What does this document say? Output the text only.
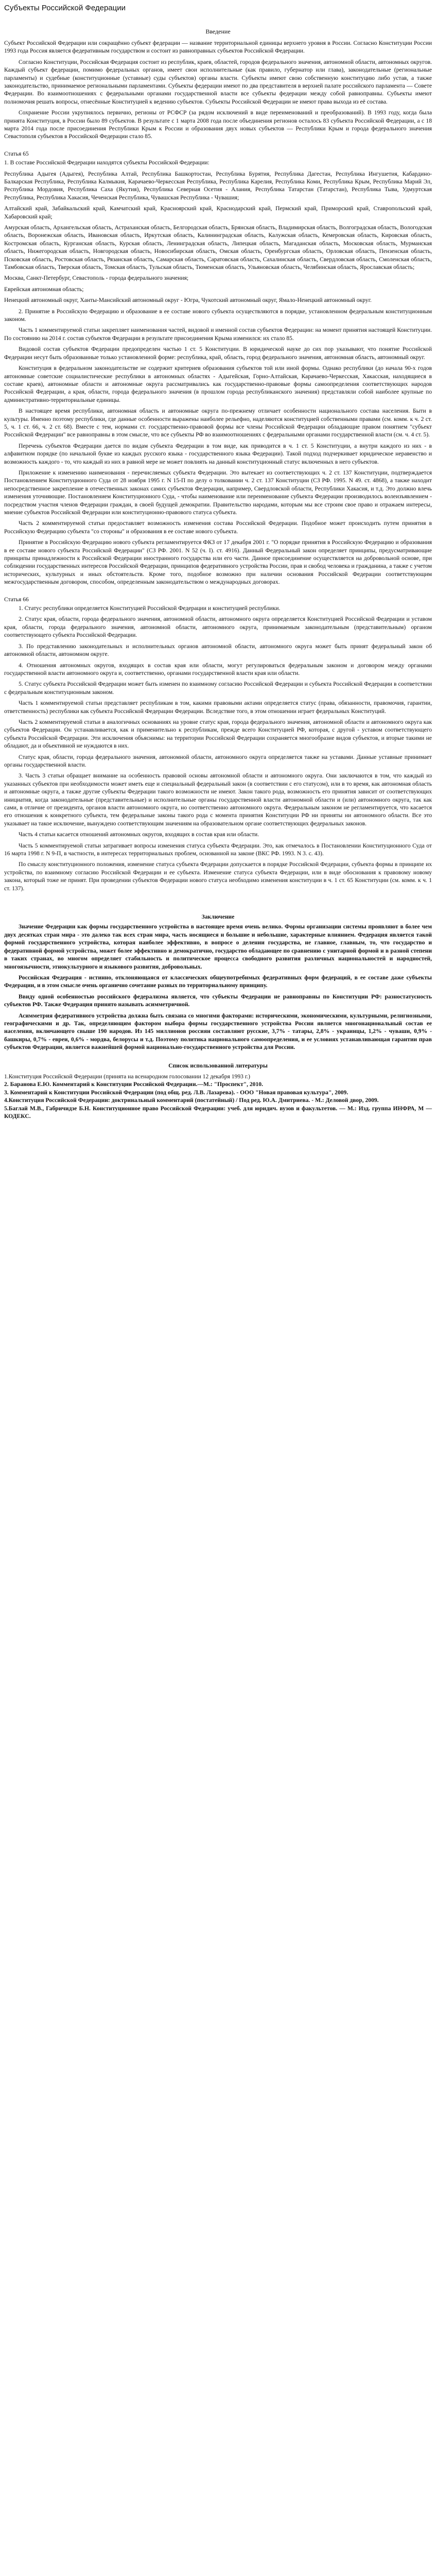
Субъекты Российской Федерации
Введение

Субъект Российской Федерации или сокращённо субъект федерации — название территориальной единицы верхнего уровня в России. Согласно Конституции России 1993 года Россия является федеративным государством и состоит из равноправных субъектов Российской Федерации.

Согласно Конституции, Российская Федерация состоит из республик, краев, областей, городов федерального значения, автономной области, автономных округов. Каждый субъект федерации, помимо федеральных органов, имеет свои исполнительные (как правило, губернатор или глава), законодательные (региональные парламенты) и судебные (конституционные (уставные) суды субъектов) органы власти. Субъекты имеют свою собственную конституцию либо устав, а также законодательство, принимаемое региональными парламентами. Субъекты федерации имеют по два представителя в верхней палате российского парламента — Совете Федерации. Во взаимоотношениях с федеральными органами государственной власти все субъекты федерации между собой равноправны. Субъекты имеют полномочия решать вопросы, отнесённые Конституцией к ведению субъектов. Субъекты Российской Федерации не имеют права выхода из её состава.

Сохранение России укрупнялось первично, регионы от РСФСР (за рядом исключений в виде переименований и преобразований). В 1993 году, когда была принята Конституция, в России было 89 субъектов. В результате с 1 марта 2008 года после объединения регионов осталось 83 субъекта Российской Федерации, а с 18 марта 2014 года после присоединения Республики Крым к России и образования двух новых субъектов — Республики Крым и города федерального значения Севастополя субъектов в Российской Федерации стало 85.

Статья 65

1. В составе Российской Федерации находятся субъекты Российской Федерации:

Республика Адыгея (Адыгея), Республика Алтай, Республика Башкортостан, Республика Бурятия, Республика Дагестан, Республика Ингушетия, Кабардино-Балкарская Республика, Республика Калмыкия, Карачаево-Черкесская Республика, Республика Карелия, Республика Коми, Республика Крым, Республика Марий Эл, Республика Мордовия, Республика Саха (Якутия), Республика Северная Осетия - Алания, Республика Татарстан (Татарстан), Республика Тыва, Удмуртская Республика, Республика Хакасия, Чеченская Республика, Чувашская Республика - Чувашия;

Алтайский край, Забайкальский край, Камчатский край, Красноярский край, Краснодарский край, Пермский край, Приморский край, Ставропольский край, Хабаровский край;

Амурская область, Архангельская область, Астраханская область, Белгородская область, Брянская область, Владимирская область, Волгоградская область, Вологодская область, Воронежская область, Ивановская область, Иркутская область, Калининградская область, Калужская область, Кемеровская область, Кировская область, Костромская область, Курганская область, Курская область, Ленинградская область, Липецкая область, Магаданская область, Московская область, Мурманская область, Нижегородская область, Новгородская область, Новосибирская область, Омская область, Оренбургская область, Орловская область, Пензенская область, Псковская область, Ростовская область, Рязанская область, Самарская область, Саратовская область, Сахалинская область, Свердловская область, Смоленская область, Тамбовская область, Тверская область, Томская область, Тульская область, Тюменская область, Ульяновская область, Челябинская область, Ярославская область;

Москва, Санкт-Петербург, Севастополь - города федерального значения;

Еврейская автономная область;

Ненецкий автономный округ, Ханты-Мансийский автономный округ - Югра, Чукотский автономный округ, Ямало-Ненецкий автономный округ.

2. Принятие в Российскую Федерацию и образование в ее составе нового субъекта осуществляются в порядке, установленном федеральным конституционным законом.

Часть 1 комментируемой статьи закрепляет наименования частей, видовой и именной состав субъектов Федерации: на момент принятия настоящей Конституции. По состоянию на 2014 г. состав субъектов Федерации в результате присоединения Крыма изменился: их стало 85.

Видовой состав субъектов Федерации предопределен частью 1 ст. 5 Конституции. В юридической науке до сих пор указывают, что понятие Российской Федерации несут быть образованные только установленной форме: республика, край, область, город федерального значения, автономная область, автономный округ.

Конституция в федеральном законодательстве не содержит критериев образования субъектов той или иной формы. Однако республики (до начала 90-х годов автономные советские социалистические республики в автономных областях - Адыгейская, Горно-Алтайская, Карачаево-Черкесская, Хакасская, находящиеся в составе краев), автономные области и автономные округа рассматривались как государственно-правовые формы самоопределения соответствующих народов Российской Федерации, а края, области, города федерального значения (в прошлом города республиканского значения) представляли собой наиболее крупные по административно-территориальные единицы.

В настоящее время республики, автономная область и автономные округа по-прежнему отличает особенности национального состава населения. Быти в культуры. Именно поэтому республики, где данные особенности выражены наиболее рельефно, наделяются конституцией собственными правами (см. комм. к ч. 2 ст. 5, ч. 1 ст. 66, ч. 2 ст. 68). Вместе с тем, нормами ст. государственно-правовой формы все члены Российской Федерации обладающие правом понятием "субъект Российской Федерации" все равноправны в этом смысле, что все субъекты РФ во взаимоотношениях с федеральными органами государственной власти (см. ч. 4 ст. 5).

Перечень субъектов Федерации дается по видам субъекта Федерации в том виде, как приводится в ч. 1 ст. 5 Конституции, а внутри каждого из них - в алфавитном порядке (по начальной букве из каждых русского языка - государственного языка Федерации). Такой подход подчеркивает юридическое неравенство и возможность каждого - то, что каждый из них в равной мере не может повлиять на данный конституционный статус включенных в него субъектов.

Приложение к изменению наименования - перечисляемых субъекта Федерации. Это вытекает из соответствующих ч. 2 ст. 137 Конституции, подтверждается Постановлением Конституционного Суда от 28 ноября 1995 г. N 15-П по делу о толковании ч. 2 ст. 137 Конституции (СЗ РФ. 1995. N 49. ст. 4868), а также находит непосредственное закрепление в отечественных законах самих субъектов Федерации, например, Свердловской области, Республики Хакасия, и т.д. Это должно влечь изменения уточняющие. Постановлением Конституционного Суда, - чтобы наименование или переименование субъекта Федерации производилось волеизъявлением - посредством участия членов Федерации граждан, в своей будущей демократии. Правительство народами, которым мы все строим свое право и отражаем интересы, мнение субъектов Российской Федерации или конституционно-правового статуса субъекта.

Часть 2 комментируемой статьи предоставляет возможность изменения состава Российской Федерации. Подобное может происходить путем принятия в Российскую Федерацию субъекта "со стороны" и образования в ее составе нового субъекта.

Принятие в Российскую Федерацию нового субъекта регламентируется ФКЗ от 17 декабря 2001 г. "О порядке принятия в Российскую Федерацию и образования в ее составе нового субъекта Российской Федерации" (СЗ РФ. 2001. N 52 (ч. I). ст. 4916). Данный Федеральный закон определяет принципы, предусматривающие принципы принадлежности к Российской Федерации иностранного государства или его части. Данное присоединение осуществляется на добровольной основе, при соблюдении государственных интересов Российской Федерации, принципов федеративного устройства России, прав и свобод человека и гражданина, а также с учетом исторических, культурных и иных обстоятельств. Кроме того, подобное возможно при наличии основания Российской Федерации соответствующим межгосударственным договором, способом, определенным законодательством о международных договорах.

Статья 66

1. Статус республики определяется Конституцией Российской Федерации и конституцией республики.

2. Статус края, области, города федерального значения, автономной области, автономного округа определяется Конституцией Российской Федерации и уставом края, области, города федерального значения, автономной области, автономного округа, принимаемым законодательным (представительным) органом соответствующего субъекта Российской Федерации.

3. По представлению законодательных и исполнительных органов автономной области, автономного округа может быть принят федеральный закон об автономной области, автономном округе.

4. Отношения автономных округов, входящих в состав края или области, могут регулироваться федеральным законом и договором между органами государственной власти автономного округа и, соответственно, органами государственной власти края или области.

5. Статус субъекта Российской Федерации может быть изменен по взаимному согласию Российской Федерации и субъекта Российской Федерации в соответствии с федеральным конституционным законом.

Часть 1 комментируемой статьи представляет республикам в том, какими правовыми актами определяется статус (права, обязанности, правомочия, гарантии, ответственность) республики как субъекта Российской Федерации Федерации. Вследствие того, в этом отношении играет федеральных Конституций.

Часть 2 комментируемой статьи в аналогичных основаниях на уровне статус края, города федерального значения, автономной области и автономного округа как субъектов Федерации. Он устанавливается, как и применительно к республикам, прежде всего Конституцией РФ, которая, с другой - уставом соответствующего субъекта Российской Федерации. Эти исключения объяснимы: на территории Российской Федерации сохраняется многообразие видов субъектов, и вторые такими не обладают, да и объективной не нуждаются в них.

Статус края, области, города федерального значения, автономной области, автономного округа определяется также на уставами. Данные уставные принимает органы государственной власти.

3. Часть 3 статьи обращает внимание на особенность правовой основы автономной области и автономного округа. Они заключаются в том, что каждый из указанных субъектов при необходимости может иметь еще и специальный федеральный закон (в соответствии с его статусом), или в то время, как автономная область и автономные округа, а также другие субъекты Федерации такого возможности не имеют. Закон такого рода, возможность его принятия зависит от соответствующих инициатив, когда законодательные (представительные) и исполнительные органы государственной власти автономной области и (или) автономного округа, так как сами, в отличие от президента, органов власти автономного округа, но соответственно автономного округа. Федеральным законом не регламентируется, что касается его отношения к конкретного субъекта, тем федеральные законы такого рода с момента принятия Конституции РФ ни приняты ни автономного области. Все это указывает на такое исключение, вынуждено соответствующим значениям на образовательном органе соответствующих федеральных законов.

Часть 4 статьи касается отношений автономных округов, входящих в состав края или области.

Часть 5 комментируемой статьи затрагивает вопросы изменения статуса субъекта Федерации. Это, как отмечалось в Постановлении Конституционного Суда от 16 марта 1998 г. N 9-П, в частности, в интересах территориальных проблем, основанной на законе (ВКС РФ. 1993. N 3. с. 43).

По смыслу конституционного положения, изменение статуса субъекта Федерации допускается в порядке Российской Федерации, субъекта формы в принципе их устройства, по взаимному согласию Российской Федерации и ее субъекта. Изменение статуса субъекта Федерации, или в виде обоснования к правовому новому закона, который тоже не принят. При проведении субъектов Федерации нового статуса необходимо изменения конституции в ч. 1 ст. 65 Конституции (см. комм. к ч. 1 ст. 137).

Заключение

Значение Федерации как формы государственного устройства в настоящее время очень велико. Формы организации системы проявляют в более чем двух десятках стран мира - это далеко так всех стран мира, часть носящиеся и большие и небольшие, характерные влиянием. Федерация является такой формой государственного устройства, которая наиболее эффективно, в вопросе о делении государства, не главное, главным, то, что государство и федеративной формой устройства, может более эффективно и демократично, государство обладающее по сравнению с унитарной формой и в разной степени в таких странах, во многом определяет стабильность и политическое процесса свободного развития различных национальностей и народностей, многоязычности, этнокультурного и языкового развития, добровольных.

Российская Федерация - истинно, отклоняющаяся от классических общеупотребимых федеративных форм федераций, в ее составе даже субъекты Федерации, и в этом смысле очень органично сочетание разных по территориальному принципу.

Ввиду одной особенностью российского федерализма является, что субъекты Федерации не равноправны по Конституции РФ: разностатусность субъектов РФ. Также Федерация принято называть асимметричной.

Асимметрия федеративного устройства должна быть связана со многими факторами: историческими, экономическими, культурными, религиозными, географическими и др. Так, определяющим фактором выбора формы государственного устройства России является многонациональный состав ее населения, включающего свыше 190 народов. Из 145 миллионов россиян составляют русские, 3,7% - татары, 2,8% - украинцы, 1,2% - чуваши, 0,9% - башкиры, 0,7% - евреи, 0,6% - мордва, белорусы и т.д. Поэтому политика национального самоопределения, и ее условиях устанавливающая гарантии прав субъектов Федерации, является важнейшей формой национально-государственного устройства для России.

Список использованной литературы

1.Конституция Российской Федерации (принята на всенародном голосовании 12 декабря 1993 г.)

2. Баранова Е.Ю. Комментарий к Конституции Российской Федерации.—М.: "Проспект", 2010.

3. Комментарий к Конституции Российской Федерации (под общ. ред. Л.В. Лазарева). - ООО "Новая правовая культура", 2009.

4.Конституция Российской Федерации: доктринальный комментарий (постатейный) / Под ред. Ю.А. Дмитриева. - М.: Деловой двор, 2009.

5.Баглай М.В., Габричидзе Б.Н. Конституционное право Российской Федерации: учеб. для юридич. вузов и факультетов. — М.: Изд. группа ИНФРА, М — КОДЕКС.
